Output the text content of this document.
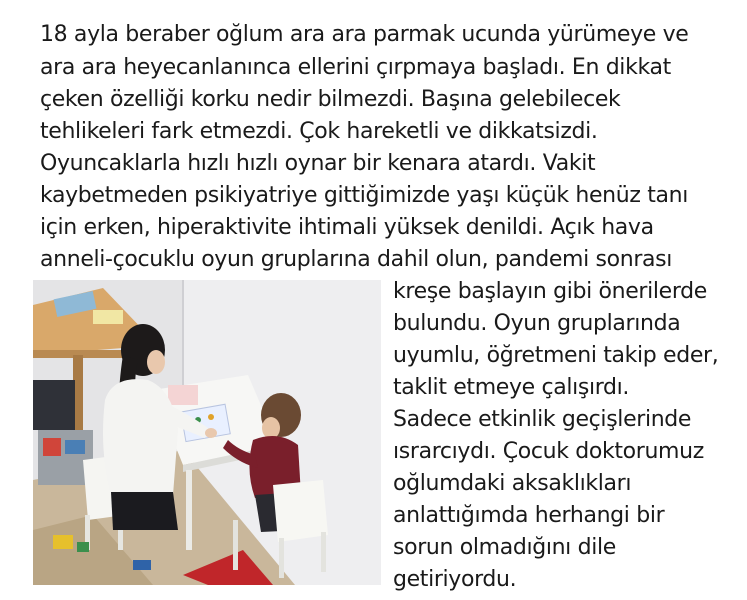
18 ayla beraber oğlum ara ara parmak ucunda yürümeye ve
ara ara heyecanlanınca ellerini çırpmaya başladı. En dikkat
çeken özelliği korku nedir bilmezdi. Başına gelebilecek
tehlikeleri fark etmezdi. Çok hareketli ve dikkatsizdi.
Oyuncaklarla hızlı hızlı oynar bir kenara atardı. Vakit
kaybetmeden psikiyatriye gittiğimizde yaşı küçük henüz tanı
için erken, hiperaktivite ihtimali yüksek denildi. Açık hava
anneli-çocuklu oyun gruplarına dahil olun, pandemi sonrası
kreşe başlayın gibi önerilerde
bulundu. Oyun gruplarında
uyumlu, öğretmeni takip eder,
taklit etmeye çalışırdı.
Sadece etkinlik geçişlerinde
ısrarcıydı. Çocuk doktorumuz
oğlumdaki aksaklıkları
anlattığımda herhangi bir
sorun olmadığını dile
getiriyordu.
